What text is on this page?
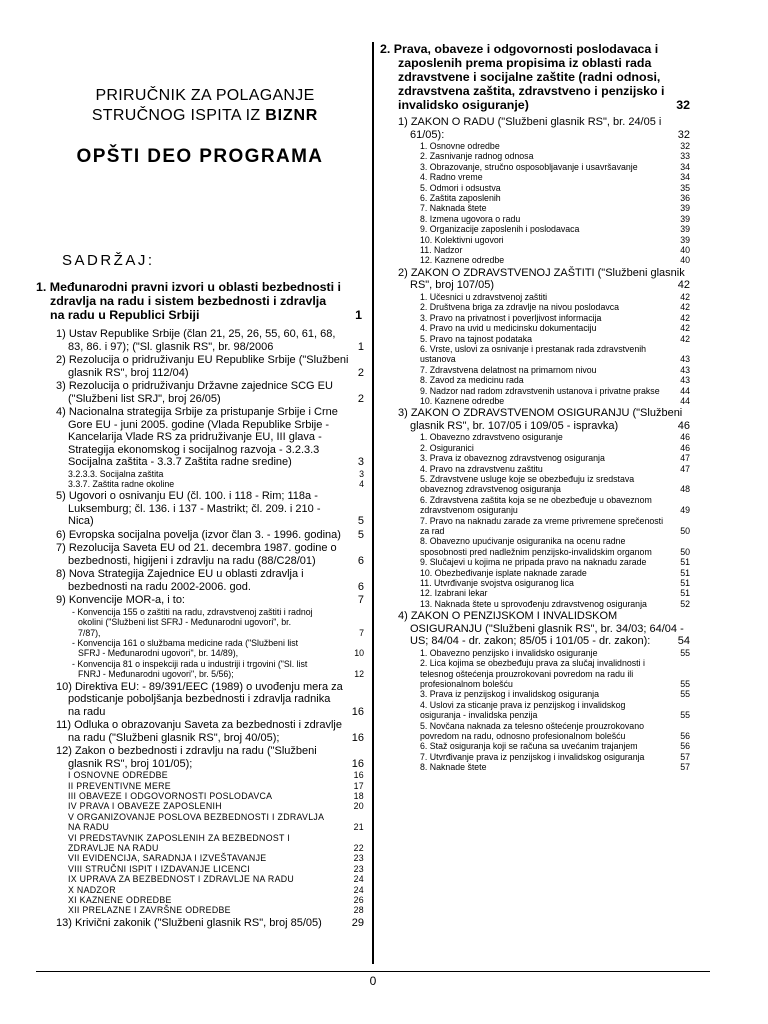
PRIRUČNIK ZA POLAGANJE
STRUČNOG ISPITA IZ BIZNR
OPŠTI DEO PROGRAMA
SADRŽAJ:
1. Međunarodni pravni izvori u oblasti bezbednosti i
zdravlja na radu i sistem bezbednosti i zdravlja
na radu u Republici Srbiji	1
1) Ustav Republike Srbije (član 21, 25, 26, 55, 60, 61, 68,
83, 86. i 97); ("Sl. glasnik RS", br. 98/2006	1
2) Rezolucija o pridruživanju EU Republike Srbije ("Službeni
glasnik RS", broj 112/04)	2
3) Rezolucija o pridruživanju Državne zajednice SCG EU
("Službeni list SRJ", broj 26/05)	2
4) Nacionalna strategija Srbije za pristupanje Srbije i Crne
Gore EU - juni 2005. godine (Vlada Republike Srbije -
Kancelarija Vlade RS za pridruživanje EU, III glava -
Strategija ekonomskog i socijalnog razvoja - 3.2.3.3
Socijalna zaštita - 3.3.7 Zaštita radne sredine)	3
3.2.3.3. Socijalna zaštita	3
3.3.7. Zaštita radne okoline	4
5) Ugovori o osnivanju EU (čl. 100. i 118 - Rim; 118a -
Luksemburg; čl. 136. i 137 - Mastrikt; čl. 209. i 210 -
Nica)	5
6) Evropska socijalna povelja (izvor član 3. - 1996. godina) 5
7) Rezolucija Saveta EU od 21. decembra 1987. godine o
bezbednosti, higijeni i zdravlju na radu (88/C28/01)	6
8) Nova Strategija Zajednice EU u oblasti zdravlja i
bezbednosti na radu 2002-2006. god.	6
9) Konvencije MOR-a, i to:	7
- Konvencija 155 o zaštiti na radu, zdravstvenoj zaštiti i radnoj
okolini ("Službeni list SFRJ - Međunarodni ugovori", br.
7/87),	7
- Konvencija 161 o službama medicine rada ("Službeni list
SFRJ - Međunarodni ugovori", br. 14/89),	10
- Konvencija 81 o inspekciji rada u industriji i trgovini ("Sl. list
FNRJ - Međunarodni ugovori", br. 5/56);	12
10) Direktiva EU: - 89/391/EEC (1989) o uvođenju mera za
podsticanje poboljšanja bezbednosti i zdravlja radnika
na radu	16
11) Odluka o obrazovanju Saveta za bezbednosti i zdravlje
na radu ("Službeni glasnik RS", broj 40/05);	16
12) Zakon o bezbednosti i zdravlju na radu ("Službeni
glasnik RS", broj 101/05);	16
I OSNOVNE ODREDBE	16
II PREVENTIVNE MERE	17
III OBAVEZE I ODGOVORNOSTI POSLODAVCA	18
IV PRAVA I OBAVEZE ZAPOSLENIH	20
V ORGANIZOVANJE POSLOVA BEZBEDNOSTI I ZDRAVLJA
NA RADU	21
VI PREDSTAVNIK ZAPOSLENIH ZA BEZBEDNOST I
ZDRAVLJE NA RADU	22
VII EVIDENCIJA, SARADNJA I IZVEŠTAVANJE	23
VIII STRUČNI ISPIT I IZDAVANJE LICENCI	23
IX UPRAVA ZA BEZBEDNOST I ZDRAVLJE NA RADU	24
X NADZOR	24
XI KAZNENE ODREDBE	26
XII PRELAZNE I ZAVRŠNE ODREDBE	28
13) Krivični zakonik ("Službeni glasnik RS", broj 85/05)	29
2. Prava, obaveze i odgovornosti poslodavaca i
zaposlenih prema propisima iz oblasti rada
zdravstvene i socijalne zaštite (radni odnosi,
zdravstvena zaštita, zdravstveno i penzijsko i
invalidsko osiguranje)	32
1) ZAKON O RADU ("Službeni glasnik RS", br. 24/05 i
61/05):	32
1. Osnovne odredbe	32
2. Zasnivanje radnog odnosa	33
3. Obrazovanje, stručno osposobljavanje i usavršavanje	34
4. Radno vreme	34
5. Odmori i odsustva	35
6. Zaštita zaposlenih	36
7. Naknada štete	39
8. Izmena ugovora o radu	39
9. Organizacije zaposlenih i poslodavaca	39
10. Kolektivni ugovori	39
11. Nadzor	40
12. Kaznene odredbe	40
2) ZAKON O ZDRAVSTVENOJ ZAŠTITI ("Službeni glasnik
RS", broj 107/05)	42
1. Učesnici u zdravstvenoj zaštiti	42
2. Društvena briga za zdravlje na nivou poslodavca	42
3. Pravo na privatnost i poverljivost informacija	42
4. Pravo na uvid u medicinsku dokumentaciju	42
5. Pravo na tajnost podataka	42
6. Vrste, uslovi za osnivanje i prestanak rada zdravstvenih
ustanova	43
7. Zdravstvena delatnost na primarnom nivou	43
8. Zavod za medicinu rada	43
9. Nadzor nad radom zdravstvenih ustanova i privatne prakse	44
10. Kaznene odredbe	44
3) ZAKON O ZDRAVSTVENOM OSIGURANJU ("Službeni
glasnik RS", br. 107/05 i 109/05 - ispravka)	46
1. Obavezno zdravstveno osiguranje	46
2. Osiguranici	46
3. Prava iz obaveznog zdravstvenog osiguranja	47
4. Pravo na zdravstvenu zaštitu	47
5. Zdravstvene usluge koje se obezbeđuju iz sredstava
obaveznog zdravstvenog osiguranja	48
6. Zdravstvena zaštita koja se ne obezbeđuje u obaveznom
zdravstvenom osiguranju	49
7. Pravo na naknadu zarade za vreme privremene sprečenosti
za rad	50
8. Obavezno upućivanje osiguranika na ocenu radne
sposobnosti pred nadležnim penzijsko-invalidskim organom	50
9. Slučajevi u kojima ne pripada pravo na naknadu zarade	51
10. Obezbeđivanje isplate naknade zarade	51
11. Utvrđivanje svojstva osiguranog lica	51
12. Izabrani lekar	51
13. Naknada štete u sprovođenju zdravstvenog osiguranja	52
4) ZAKON O PENZIJSKOM I INVALIDSKOM
OSIGURANJU ("Službeni glasnik RS", br. 34/03; 64/04 -
US; 84/04 - dr. zakon; 85/05 i 101/05 - dr. zakon): 54
1. Obavezno penzijsko i invalidsko osiguranje	55
2. Lica kojima se obezbeđuju prava za slučaj invalidnosti i
telesnog oštećenja prouzrokovani povredom na radu ili
profesionalnom bolešću	55
3. Prava iz penzijskog i invalidskog osiguranja	55
4. Uslovi za sticanje prava iz penzijskog i invalidskog
osiguranja - invalidska penzija	55
5. Novčana naknada za telesno oštećenje prouzrokovano
povredom na radu, odnosno profesionalnom bolešću	56
6. Staž osiguranja koji se računa sa uvećanim trajanjem	56
7. Utvrđivanje prava iz penzijskog i invalidskog osiguranja	57
8. Naknade štete	57
0
